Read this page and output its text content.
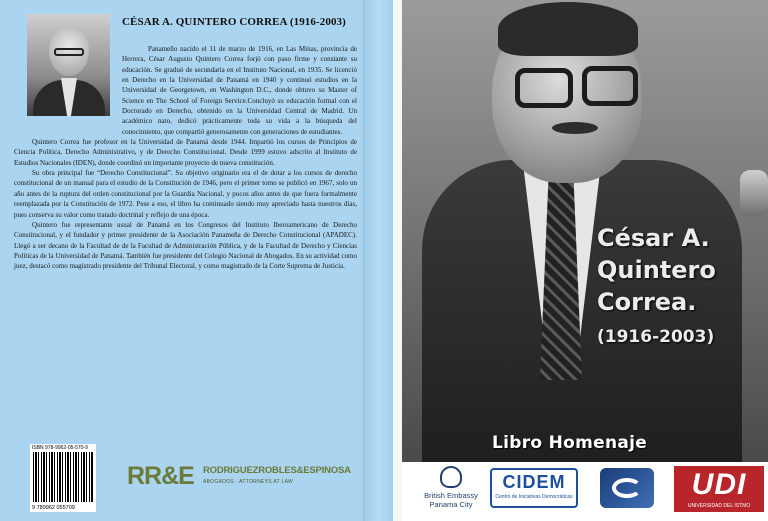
CÉSAR A. QUINTERO CORREA (1916-2003)

Panameño nacido el 11 de marzo de 1916, en Las Minas, provincia de Herrera, César Augusto Quintero Correa forjó con paso firme y constante su educación. Se graduó de secundaria en el Instituto Nacional, en 1935. Se licenció en Derecho en la Universidad de Panamá en 1940 y continuó estudios en la Universidad de Georgetown, en Washington D.C., donde obtuvo su Master of Science en The School of Foreign Service.Concluyó su educación formal con el Doctorado en Derecho, obtenido en la Universidad Central de Madrid. Un académico nato, dedicó prácticamente toda su vida a la búsqueda del conocimiento, que compartió generosamente con generaciones de estudiantes.

Quintero Correa fue profesor en la Universidad de Panamá desde 1944. Impartió los cursos de Principios de Ciencia Política, Derecho Administrativo, y de Derecho Constitucional. Desde 1999 estuvo adscrito al Instituto de Estudios Nacionales (IDEN), donde coordinó un importante proyecto de nueva constitución.

Su obra principal fue “Derecho Constitucional”. Su objetivo originario era el de dotar a los cursos de derecho constitucional de un manual para el estudio de la Constitución de 1946, pero el primer tomo se publicó en 1967, solo un año antes de la ruptura del orden constitucional por la Guardia Nacional, y pocos años antes de que fuera formalmente reemplazada por la Constitución de 1972. Pese a eso, el libro ha continuado siendo muy apreciado hasta nuestros días, pues conserva su valor como tratado doctrinal y reflejo de una época.

Quintero fue representante usual de Panamá en los Congresos del Instituto Iberoamericano de Derecho Constitucional, y el fundador y primer presidente de la Asociación Panameña de Derecho Constitucional (APADEC). Llegó a ser decano de la Facultad de de la Facultad de Administración Pública, y de la Facultad de Derecho y Ciencias Políticas de la Universidad de Panamá. También fue presidente del Colegio Nacional de Abogados. En su actividad como juez, destacó como magistrado presidente del Tribunal Electoral, y como magistrado de la Corte Suprema de Justicia.

ISBN 978-9962-05-570-9
9 789962 055709
RR&E RODRIGUEZROBLES&ESPINOSA
ABOGADOS · ATTORNEYS AT LAW
César A.
Quintero
Correa.
(1916-2003)
Libro Homenaje
British Embassy
Panama City
CIDEM
Centro de Iniciativas Democráticas	UDI
UNIVERSIDAD DEL ISTMO
